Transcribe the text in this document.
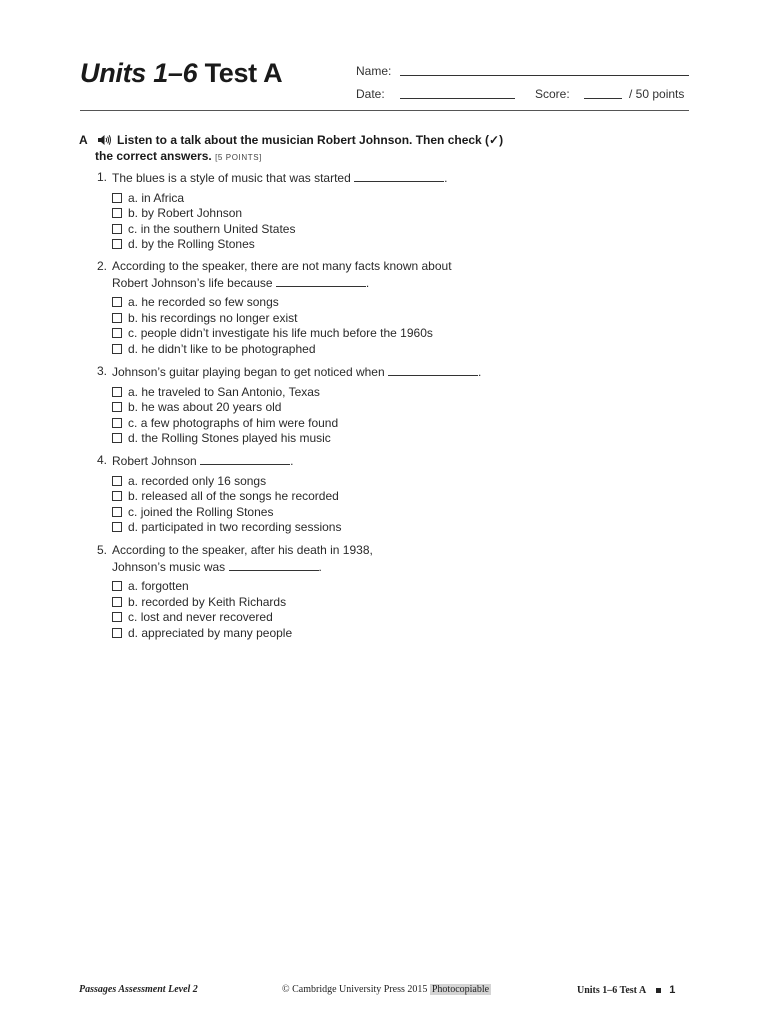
Units 1–6 Test A	Name:
Date:	Score:	/ 50 points
A Listen to a talk about the musician Robert Johnson. Then check (✓)
the correct answers. [5 POINTS]
1. The blues is a style of music that was started	.
a. in Africa
b. by Robert Johnson
c. in the southern United States
d. by the Rolling Stones
2. According to the speaker, there are not many facts known about
Robert Johnson’s life because	.
a. he recorded so few songs
b. his recordings no longer exist
c. people didn’t investigate his life much before the 1960s
d. he didn’t like to be photographed
3. Johnson’s guitar playing began to get noticed when	.
a. he traveled to San Antonio, Texas
b. he was about 20 years old
c. a few photographs of him were found
d. the Rolling Stones played his music
4. Robert Johnson	.
a. recorded only 16 songs
b. released all of the songs he recorded
c. joined the Rolling Stones
d. participated in two recording sessions
5. According to the speaker, after his death in 1938,
Johnson’s music was	.
a. forgotten
b. recorded by Keith Richards
c. lost and never recovered
d. appreciated by many people
Passages Assessment Level 2	© Cambridge University Press 2015 Photocopiable	Units 1–6 Test A 1
